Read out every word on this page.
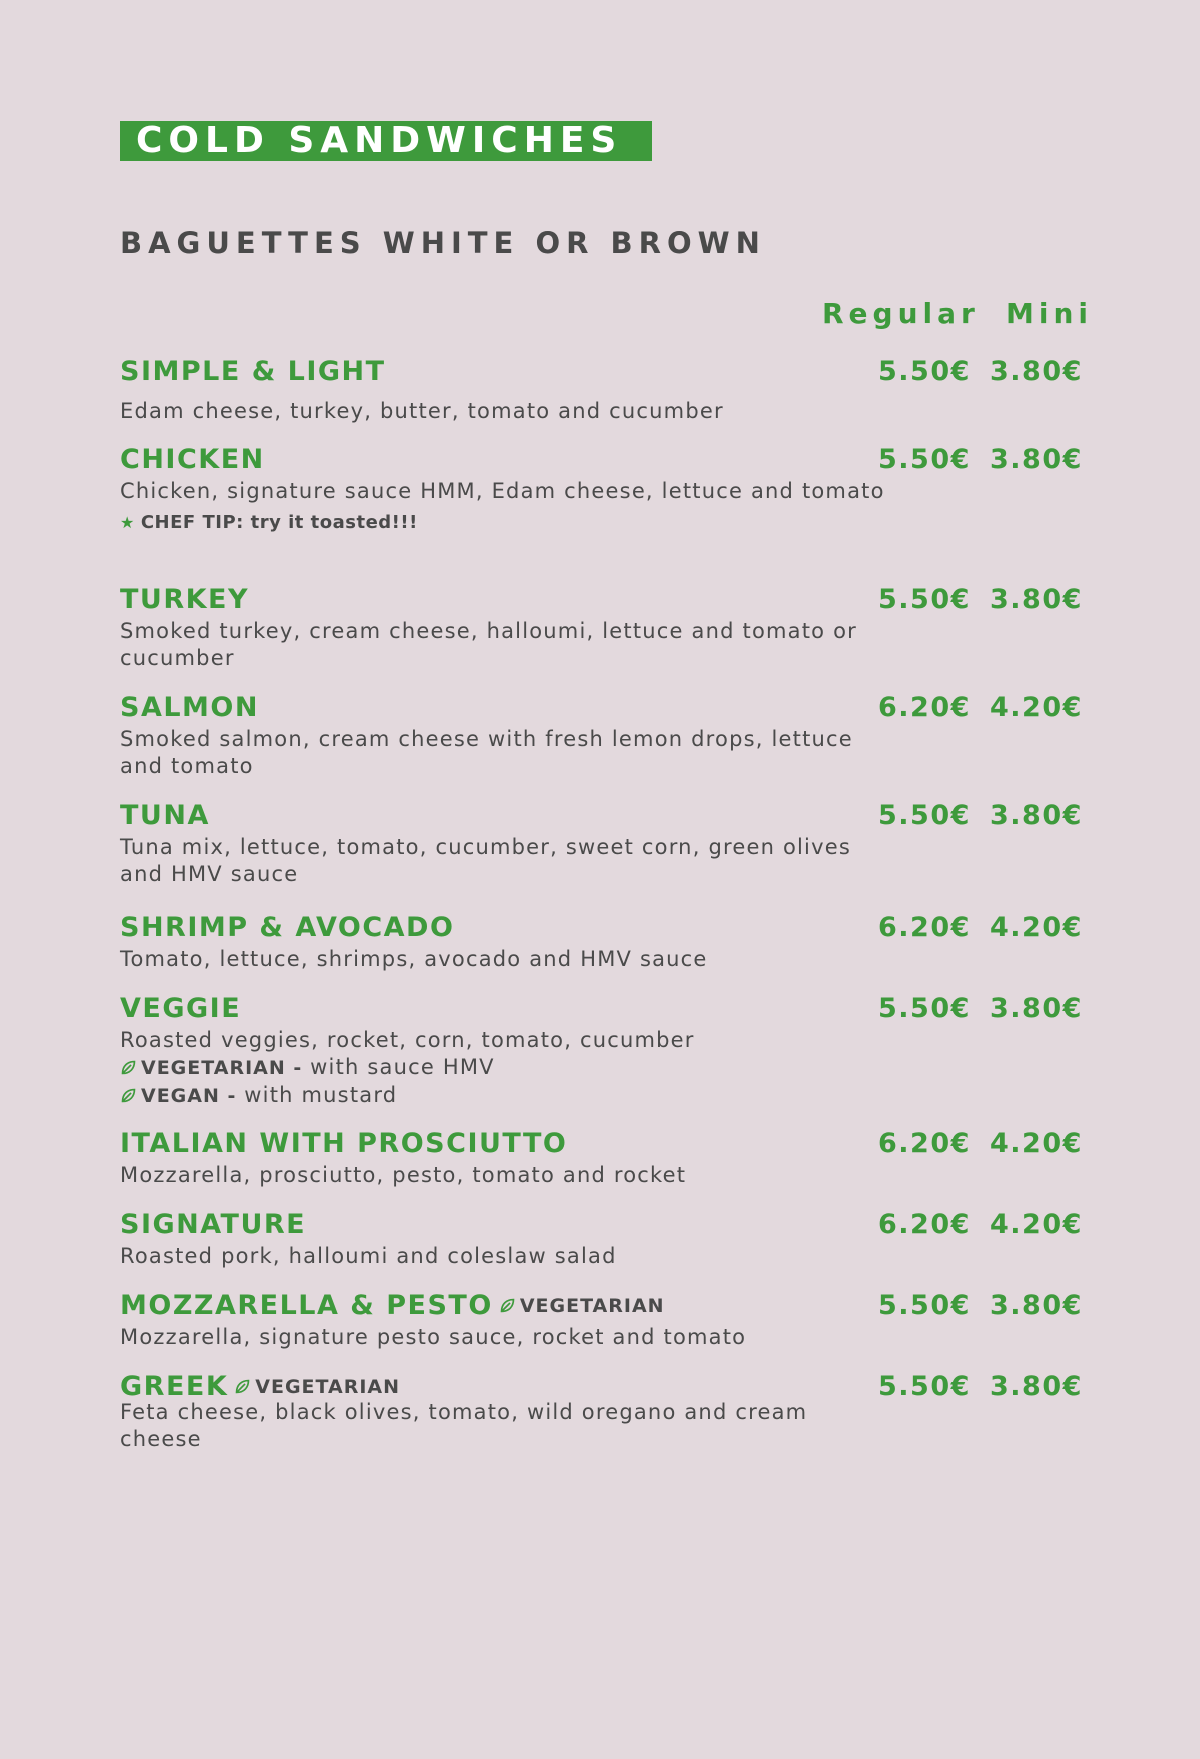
COLD SANDWICHES
BAGUETTES WHITE OR BROWN
Regular Mini
SIMPLE & LIGHT	5.50€ 3.80€
Edam cheese, turkey, butter, tomato and cucumber
CHICKEN	5.50€ 3.80€
Chicken, signature sauce HMM, Edam cheese, lettuce and tomato
★ CHEF TIP: try it toasted!!!
TURKEY	5.50€ 3.80€
Smoked turkey, cream cheese, halloumi, lettuce and tomato or cucumber
SALMON	6.20€ 4.20€
Smoked salmon, cream cheese with fresh lemon drops, lettuce and tomato
TUNA	5.50€ 3.80€
Tuna mix, lettuce, tomato, cucumber, sweet corn, green olives and HMV sauce
SHRIMP & AVOCADO	6.20€ 4.20€
Tomato, lettuce, shrimps, avocado and HMV sauce
VEGGIE	5.50€ 3.80€
Roasted veggies, rocket, corn, tomato, cucumber
VEGETARIAN - with sauce HMV
VEGAN - with mustard
ITALIAN WITH PROSCIUTTO	6.20€ 4.20€
Mozzarella, prosciutto, pesto, tomato and rocket
SIGNATURE	6.20€ 4.20€
Roasted pork, halloumi and coleslaw salad
MOZZARELLA & PESTO VEGETARIAN	5.50€ 3.80€
Mozzarella, signature pesto sauce, rocket and tomato
GREEK VEGETARIAN	5.50€ 3.80€
Feta cheese, black olives, tomato, wild oregano and cream cheese
